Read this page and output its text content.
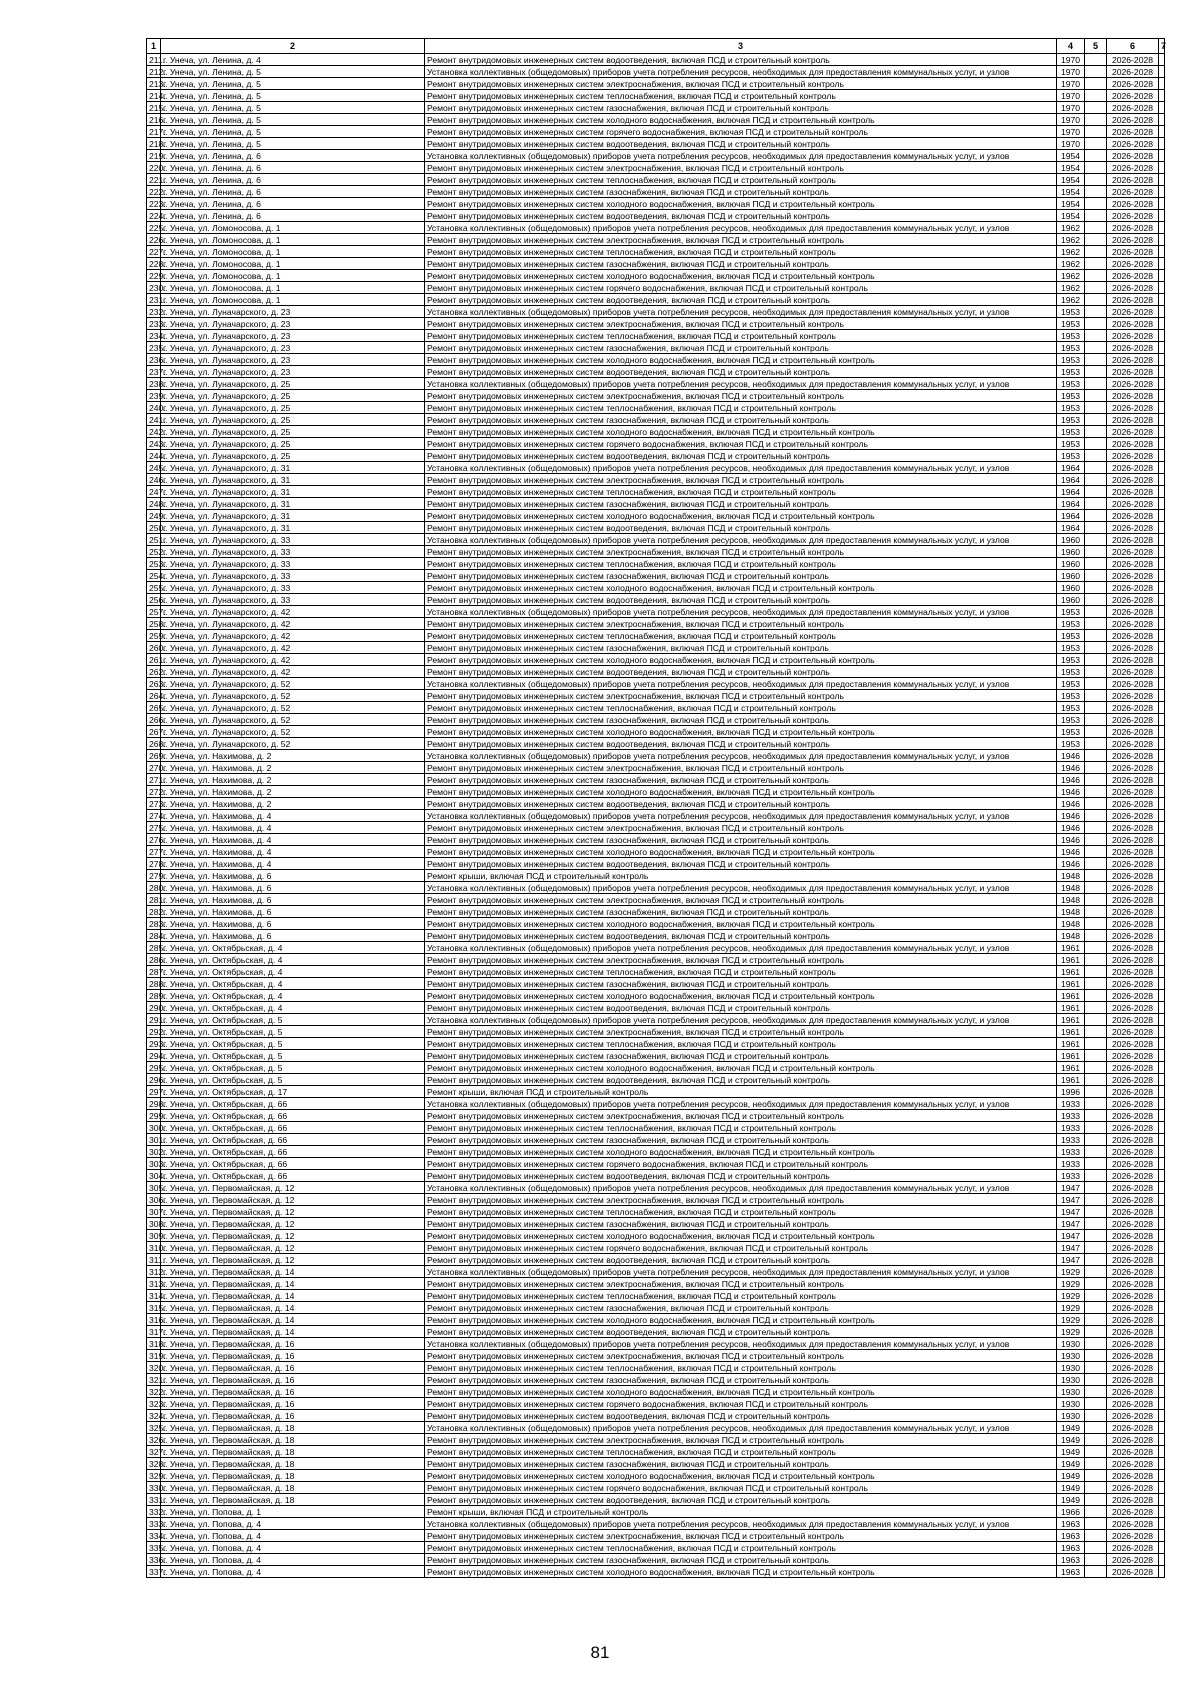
1	2	3	4	5	6	7
211.	г. Унеча, ул. Ленина, д. 4	Ремонт внутридомовых инженерных систем водоотведения, включая ПСД и строительный контроль	1970		2026-2028	
212.	г. Унеча, ул. Ленина, д. 5	Установка коллективных (общедомовых) приборов учета потребления ресурсов, необходимых для предоставления коммунальных услуг, и узлов	1970		2026-2028	
213.	г. Унеча, ул. Ленина, д. 5	Ремонт внутридомовых инженерных систем электроснабжения, включая ПСД и строительный контроль	1970		2026-2028	
214.	г. Унеча, ул. Ленина, д. 5	Ремонт внутридомовых инженерных систем теплоснабжения, включая ПСД и строительный контроль	1970		2026-2028	
215.	г. Унеча, ул. Ленина, д. 5	Ремонт внутридомовых инженерных систем газоснабжения, включая ПСД и строительный контроль	1970		2026-2028	
216.	г. Унеча, ул. Ленина, д. 5	Ремонт внутридомовых инженерных систем холодного водоснабжения, включая ПСД и строительный контроль	1970		2026-2028	
217.	г. Унеча, ул. Ленина, д. 5	Ремонт внутридомовых инженерных систем горячего водоснабжения, включая ПСД и строительный контроль	1970		2026-2028	
218.	г. Унеча, ул. Ленина, д. 5	Ремонт внутридомовых инженерных систем водоотведения, включая ПСД и строительный контроль	1970		2026-2028	
219.	г. Унеча, ул. Ленина, д. 6	Установка коллективных (общедомовых) приборов учета потребления ресурсов, необходимых для предоставления коммунальных услуг, и узлов	1954		2026-2028	
220.	г. Унеча, ул. Ленина, д. 6	Ремонт внутридомовых инженерных систем электроснабжения, включая ПСД и строительный контроль	1954		2026-2028	
221.	г. Унеча, ул. Ленина, д. 6	Ремонт внутридомовых инженерных систем теплоснабжения, включая ПСД и строительный контроль	1954		2026-2028	
222.	г. Унеча, ул. Ленина, д. 6	Ремонт внутридомовых инженерных систем газоснабжения, включая ПСД и строительный контроль	1954		2026-2028	
223.	г. Унеча, ул. Ленина, д. 6	Ремонт внутридомовых инженерных систем холодного водоснабжения, включая ПСД и строительный контроль	1954		2026-2028	
224.	г. Унеча, ул. Ленина, д. 6	Ремонт внутридомовых инженерных систем водоотведения, включая ПСД и строительный контроль	1954		2026-2028	
225.	г. Унеча, ул. Ломоносова, д. 1	Установка коллективных (общедомовых) приборов учета потребления ресурсов, необходимых для предоставления коммунальных услуг, и узлов	1962		2026-2028	
226.	г. Унеча, ул. Ломоносова, д. 1	Ремонт внутридомовых инженерных систем электроснабжения, включая ПСД и строительный контроль	1962		2026-2028	
227.	г. Унеча, ул. Ломоносова, д. 1	Ремонт внутридомовых инженерных систем теплоснабжения, включая ПСД и строительный контроль	1962		2026-2028	
228.	г. Унеча, ул. Ломоносова, д. 1	Ремонт внутридомовых инженерных систем газоснабжения, включая ПСД и строительный контроль	1962		2026-2028	
229.	г. Унеча, ул. Ломоносова, д. 1	Ремонт внутридомовых инженерных систем холодного водоснабжения, включая ПСД и строительный контроль	1962		2026-2028	
230.	г. Унеча, ул. Ломоносова, д. 1	Ремонт внутридомовых инженерных систем горячего водоснабжения, включая ПСД и строительный контроль	1962		2026-2028	
231.	г. Унеча, ул. Ломоносова, д. 1	Ремонт внутридомовых инженерных систем водоотведения, включая ПСД и строительный контроль	1962		2026-2028	
232.	г. Унеча, ул. Луначарского, д. 23	Установка коллективных (общедомовых) приборов учета потребления ресурсов, необходимых для предоставления коммунальных услуг, и узлов	1953		2026-2028	
233.	г. Унеча, ул. Луначарского, д. 23	Ремонт внутридомовых инженерных систем электроснабжения, включая ПСД и строительный контроль	1953		2026-2028	
234.	г. Унеча, ул. Луначарского, д. 23	Ремонт внутридомовых инженерных систем теплоснабжения, включая ПСД и строительный контроль	1953		2026-2028	
235.	г. Унеча, ул. Луначарского, д. 23	Ремонт внутридомовых инженерных систем газоснабжения, включая ПСД и строительный контроль	1953		2026-2028	
236.	г. Унеча, ул. Луначарского, д. 23	Ремонт внутридомовых инженерных систем холодного водоснабжения, включая ПСД и строительный контроль	1953		2026-2028	
237.	г. Унеча, ул. Луначарского, д. 23	Ремонт внутридомовых инженерных систем водоотведения, включая ПСД и строительный контроль	1953		2026-2028	
238.	г. Унеча, ул. Луначарского, д. 25	Установка коллективных (общедомовых) приборов учета потребления ресурсов, необходимых для предоставления коммунальных услуг, и узлов	1953		2026-2028	
239.	г. Унеча, ул. Луначарского, д. 25	Ремонт внутридомовых инженерных систем электроснабжения, включая ПСД и строительный контроль	1953		2026-2028	
240.	г. Унеча, ул. Луначарского, д. 25	Ремонт внутридомовых инженерных систем теплоснабжения, включая ПСД и строительный контроль	1953		2026-2028	
241.	г. Унеча, ул. Луначарского, д. 25	Ремонт внутридомовых инженерных систем газоснабжения, включая ПСД и строительный контроль	1953		2026-2028	
242.	г. Унеча, ул. Луначарского, д. 25	Ремонт внутридомовых инженерных систем холодного водоснабжения, включая ПСД и строительный контроль	1953		2026-2028	
243.	г. Унеча, ул. Луначарского, д. 25	Ремонт внутридомовых инженерных систем горячего водоснабжения, включая ПСД и строительный контроль	1953		2026-2028	
244.	г. Унеча, ул. Луначарского, д. 25	Ремонт внутридомовых инженерных систем водоотведения, включая ПСД и строительный контроль	1953		2026-2028	
245.	г. Унеча, ул. Луначарского, д. 31	Установка коллективных (общедомовых) приборов учета потребления ресурсов, необходимых для предоставления коммунальных услуг, и узлов	1964		2026-2028	
246.	г. Унеча, ул. Луначарского, д. 31	Ремонт внутридомовых инженерных систем электроснабжения, включая ПСД и строительный контроль	1964		2026-2028	
247.	г. Унеча, ул. Луначарского, д. 31	Ремонт внутридомовых инженерных систем теплоснабжения, включая ПСД и строительный контроль	1964		2026-2028	
248.	г. Унеча, ул. Луначарского, д. 31	Ремонт внутридомовых инженерных систем газоснабжения, включая ПСД и строительный контроль	1964		2026-2028	
249.	г. Унеча, ул. Луначарского, д. 31	Ремонт внутридомовых инженерных систем холодного водоснабжения, включая ПСД и строительный контроль	1964		2026-2028	
250.	г. Унеча, ул. Луначарского, д. 31	Ремонт внутридомовых инженерных систем водоотведения, включая ПСД и строительный контроль	1964		2026-2028	
251.	г. Унеча, ул. Луначарского, д. 33	Установка коллективных (общедомовых) приборов учета потребления ресурсов, необходимых для предоставления коммунальных услуг, и узлов	1960		2026-2028	
252.	г. Унеча, ул. Луначарского, д. 33	Ремонт внутридомовых инженерных систем электроснабжения, включая ПСД и строительный контроль	1960		2026-2028	
253.	г. Унеча, ул. Луначарского, д. 33	Ремонт внутридомовых инженерных систем теплоснабжения, включая ПСД и строительный контроль	1960		2026-2028	
254.	г. Унеча, ул. Луначарского, д. 33	Ремонт внутридомовых инженерных систем газоснабжения, включая ПСД и строительный контроль	1960		2026-2028	
255.	г. Унеча, ул. Луначарского, д. 33	Ремонт внутридомовых инженерных систем холодного водоснабжения, включая ПСД и строительный контроль	1960		2026-2028	
256.	г. Унеча, ул. Луначарского, д. 33	Ремонт внутридомовых инженерных систем водоотведения, включая ПСД и строительный контроль	1960		2026-2028	
257.	г. Унеча, ул. Луначарского, д. 42	Установка коллективных (общедомовых) приборов учета потребления ресурсов, необходимых для предоставления коммунальных услуг, и узлов	1953		2026-2028	
258.	г. Унеча, ул. Луначарского, д. 42	Ремонт внутридомовых инженерных систем электроснабжения, включая ПСД и строительный контроль	1953		2026-2028	
259.	г. Унеча, ул. Луначарского, д. 42	Ремонт внутридомовых инженерных систем теплоснабжения, включая ПСД и строительный контроль	1953		2026-2028	
260.	г. Унеча, ул. Луначарского, д. 42	Ремонт внутридомовых инженерных систем газоснабжения, включая ПСД и строительный контроль	1953		2026-2028	
261.	г. Унеча, ул. Луначарского, д. 42	Ремонт внутридомовых инженерных систем холодного водоснабжения, включая ПСД и строительный контроль	1953		2026-2028	
262.	г. Унеча, ул. Луначарского, д. 42	Ремонт внутридомовых инженерных систем водоотведения, включая ПСД и строительный контроль	1953		2026-2028	
263.	г. Унеча, ул. Луначарского, д. 52	Установка коллективных (общедомовых) приборов учета потребления ресурсов, необходимых для предоставления коммунальных услуг, и узлов	1953		2026-2028	
264.	г. Унеча, ул. Луначарского, д. 52	Ремонт внутридомовых инженерных систем электроснабжения, включая ПСД и строительный контроль	1953		2026-2028	
265.	г. Унеча, ул. Луначарского, д. 52	Ремонт внутридомовых инженерных систем теплоснабжения, включая ПСД и строительный контроль	1953		2026-2028	
266.	г. Унеча, ул. Луначарского, д. 52	Ремонт внутридомовых инженерных систем газоснабжения, включая ПСД и строительный контроль	1953		2026-2028	
267.	г. Унеча, ул. Луначарского, д. 52	Ремонт внутридомовых инженерных систем холодного водоснабжения, включая ПСД и строительный контроль	1953		2026-2028	
268.	г. Унеча, ул. Луначарского, д. 52	Ремонт внутридомовых инженерных систем водоотведения, включая ПСД и строительный контроль	1953		2026-2028	
269.	г. Унеча, ул. Нахимова, д. 2	Установка коллективных (общедомовых) приборов учета потребления ресурсов, необходимых для предоставления коммунальных услуг, и узлов	1946		2026-2028	
270.	г. Унеча, ул. Нахимова, д. 2	Ремонт внутридомовых инженерных систем электроснабжения, включая ПСД и строительный контроль	1946		2026-2028	
271.	г. Унеча, ул. Нахимова, д. 2	Ремонт внутридомовых инженерных систем газоснабжения, включая ПСД и строительный контроль	1946		2026-2028	
272.	г. Унеча, ул. Нахимова, д. 2	Ремонт внутридомовых инженерных систем холодного водоснабжения, включая ПСД и строительный контроль	1946		2026-2028	
273.	г. Унеча, ул. Нахимова, д. 2	Ремонт внутридомовых инженерных систем водоотведения, включая ПСД и строительный контроль	1946		2026-2028	
274.	г. Унеча, ул. Нахимова, д. 4	Установка коллективных (общедомовых) приборов учета потребления ресурсов, необходимых для предоставления коммунальных услуг, и узлов	1946		2026-2028	
275.	г. Унеча, ул. Нахимова, д. 4	Ремонт внутридомовых инженерных систем электроснабжения, включая ПСД и строительный контроль	1946		2026-2028	
276.	г. Унеча, ул. Нахимова, д. 4	Ремонт внутридомовых инженерных систем газоснабжения, включая ПСД и строительный контроль	1946		2026-2028	
277.	г. Унеча, ул. Нахимова, д. 4	Ремонт внутридомовых инженерных систем холодного водоснабжения, включая ПСД и строительный контроль	1946		2026-2028	
278.	г. Унеча, ул. Нахимова, д. 4	Ремонт внутридомовых инженерных систем водоотведения, включая ПСД и строительный контроль	1946		2026-2028	
279.	г. Унеча, ул. Нахимова, д. 6	Ремонт крыши, включая ПСД и строительный контроль	1948		2026-2028	
280.	г. Унеча, ул. Нахимова, д. 6	Установка коллективных (общедомовых) приборов учета потребления ресурсов, необходимых для предоставления коммунальных услуг, и узлов	1948		2026-2028	
281.	г. Унеча, ул. Нахимова, д. 6	Ремонт внутридомовых инженерных систем электроснабжения, включая ПСД и строительный контроль	1948		2026-2028	
282.	г. Унеча, ул. Нахимова, д. 6	Ремонт внутридомовых инженерных систем газоснабжения, включая ПСД и строительный контроль	1948		2026-2028	
283.	г. Унеча, ул. Нахимова, д. 6	Ремонт внутридомовых инженерных систем холодного водоснабжения, включая ПСД и строительный контроль	1948		2026-2028	
284.	г. Унеча, ул. Нахимова, д. 6	Ремонт внутридомовых инженерных систем водоотведения, включая ПСД и строительный контроль	1948		2026-2028	
285.	г. Унеча, ул. Октябрьская, д. 4	Установка коллективных (общедомовых) приборов учета потребления ресурсов, необходимых для предоставления коммунальных услуг, и узлов	1961		2026-2028	
286.	г. Унеча, ул. Октябрьская, д. 4	Ремонт внутридомовых инженерных систем электроснабжения, включая ПСД и строительный контроль	1961		2026-2028	
287.	г. Унеча, ул. Октябрьская, д. 4	Ремонт внутридомовых инженерных систем теплоснабжения, включая ПСД и строительный контроль	1961		2026-2028	
288.	г. Унеча, ул. Октябрьская, д. 4	Ремонт внутридомовых инженерных систем газоснабжения, включая ПСД и строительный контроль	1961		2026-2028	
289.	г. Унеча, ул. Октябрьская, д. 4	Ремонт внутридомовых инженерных систем холодного водоснабжения, включая ПСД и строительный контроль	1961		2026-2028	
290.	г. Унеча, ул. Октябрьская, д. 4	Ремонт внутридомовых инженерных систем водоотведения, включая ПСД и строительный контроль	1961		2026-2028	
291.	г. Унеча, ул. Октябрьская, д. 5	Установка коллективных (общедомовых) приборов учета потребления ресурсов, необходимых для предоставления коммунальных услуг, и узлов	1961		2026-2028	
292.	г. Унеча, ул. Октябрьская, д. 5	Ремонт внутридомовых инженерных систем электроснабжения, включая ПСД и строительный контроль	1961		2026-2028	
293.	г. Унеча, ул. Октябрьская, д. 5	Ремонт внутридомовых инженерных систем теплоснабжения, включая ПСД и строительный контроль	1961		2026-2028	
294.	г. Унеча, ул. Октябрьская, д. 5	Ремонт внутридомовых инженерных систем газоснабжения, включая ПСД и строительный контроль	1961		2026-2028	
295.	г. Унеча, ул. Октябрьская, д. 5	Ремонт внутридомовых инженерных систем холодного водоснабжения, включая ПСД и строительный контроль	1961		2026-2028	
296.	г. Унеча, ул. Октябрьская, д. 5	Ремонт внутридомовых инженерных систем водоотведения, включая ПСД и строительный контроль	1961		2026-2028	
297.	г. Унеча, ул. Октябрьская, д. 17	Ремонт крыши, включая ПСД и строительный контроль	1996		2026-2028	
298.	г. Унеча, ул. Октябрьская, д. 66	Установка коллективных (общедомовых) приборов учета потребления ресурсов, необходимых для предоставления коммунальных услуг, и узлов	1933		2026-2028	
299.	г. Унеча, ул. Октябрьская, д. 66	Ремонт внутридомовых инженерных систем электроснабжения, включая ПСД и строительный контроль	1933		2026-2028	
300.	г. Унеча, ул. Октябрьская, д. 66	Ремонт внутридомовых инженерных систем теплоснабжения, включая ПСД и строительный контроль	1933		2026-2028	
301.	г. Унеча, ул. Октябрьская, д. 66	Ремонт внутридомовых инженерных систем газоснабжения, включая ПСД и строительный контроль	1933		2026-2028	
302.	г. Унеча, ул. Октябрьская, д. 66	Ремонт внутридомовых инженерных систем холодного водоснабжения, включая ПСД и строительный контроль	1933		2026-2028	
303.	г. Унеча, ул. Октябрьская, д. 66	Ремонт внутридомовых инженерных систем горячего водоснабжения, включая ПСД и строительный контроль	1933		2026-2028	
304.	г. Унеча, ул. Октябрьская, д. 66	Ремонт внутридомовых инженерных систем водоотведения, включая ПСД и строительный контроль	1933		2026-2028	
305.	г. Унеча, ул. Первомайская, д. 12	Установка коллективных (общедомовых) приборов учета потребления ресурсов, необходимых для предоставления коммунальных услуг, и узлов	1947		2026-2028	
306.	г. Унеча, ул. Первомайская, д. 12	Ремонт внутридомовых инженерных систем электроснабжения, включая ПСД и строительный контроль	1947		2026-2028	
307.	г. Унеча, ул. Первомайская, д. 12	Ремонт внутридомовых инженерных систем теплоснабжения, включая ПСД и строительный контроль	1947		2026-2028	
308.	г. Унеча, ул. Первомайская, д. 12	Ремонт внутридомовых инженерных систем газоснабжения, включая ПСД и строительный контроль	1947		2026-2028	
309.	г. Унеча, ул. Первомайская, д. 12	Ремонт внутридомовых инженерных систем холодного водоснабжения, включая ПСД и строительный контроль	1947		2026-2028	
310.	г. Унеча, ул. Первомайская, д. 12	Ремонт внутридомовых инженерных систем горячего водоснабжения, включая ПСД и строительный контроль	1947		2026-2028	
311.	г. Унеча, ул. Первомайская, д. 12	Ремонт внутридомовых инженерных систем водоотведения, включая ПСД и строительный контроль	1947		2026-2028	
312.	г. Унеча, ул. Первомайская, д. 14	Установка коллективных (общедомовых) приборов учета потребления ресурсов, необходимых для предоставления коммунальных услуг, и узлов	1929		2026-2028	
313.	г. Унеча, ул. Первомайская, д. 14	Ремонт внутридомовых инженерных систем электроснабжения, включая ПСД и строительный контроль	1929		2026-2028	
314.	г. Унеча, ул. Первомайская, д. 14	Ремонт внутридомовых инженерных систем теплоснабжения, включая ПСД и строительный контроль	1929		2026-2028	
315.	г. Унеча, ул. Первомайская, д. 14	Ремонт внутридомовых инженерных систем газоснабжения, включая ПСД и строительный контроль	1929		2026-2028	
316.	г. Унеча, ул. Первомайская, д. 14	Ремонт внутридомовых инженерных систем холодного водоснабжения, включая ПСД и строительный контроль	1929		2026-2028	
317.	г. Унеча, ул. Первомайская, д. 14	Ремонт внутридомовых инженерных систем водоотведения, включая ПСД и строительный контроль	1929		2026-2028	
318.	г. Унеча, ул. Первомайская, д. 16	Установка коллективных (общедомовых) приборов учета потребления ресурсов, необходимых для предоставления коммунальных услуг, и узлов	1930		2026-2028	
319.	г. Унеча, ул. Первомайская, д. 16	Ремонт внутридомовых инженерных систем электроснабжения, включая ПСД и строительный контроль	1930		2026-2028	
320.	г. Унеча, ул. Первомайская, д. 16	Ремонт внутридомовых инженерных систем теплоснабжения, включая ПСД и строительный контроль	1930		2026-2028	
321.	г. Унеча, ул. Первомайская, д. 16	Ремонт внутридомовых инженерных систем газоснабжения, включая ПСД и строительный контроль	1930		2026-2028	
322.	г. Унеча, ул. Первомайская, д. 16	Ремонт внутридомовых инженерных систем холодного водоснабжения, включая ПСД и строительный контроль	1930		2026-2028	
323.	г. Унеча, ул. Первомайская, д. 16	Ремонт внутридомовых инженерных систем горячего водоснабжения, включая ПСД и строительный контроль	1930		2026-2028	
324.	г. Унеча, ул. Первомайская, д. 16	Ремонт внутридомовых инженерных систем водоотведения, включая ПСД и строительный контроль	1930		2026-2028	
325.	г. Унеча, ул. Первомайская, д. 18	Установка коллективных (общедомовых) приборов учета потребления ресурсов, необходимых для предоставления коммунальных услуг, и узлов	1949		2026-2028	
326.	г. Унеча, ул. Первомайская, д. 18	Ремонт внутридомовых инженерных систем электроснабжения, включая ПСД и строительный контроль	1949		2026-2028	
327.	г. Унеча, ул. Первомайская, д. 18	Ремонт внутридомовых инженерных систем теплоснабжения, включая ПСД и строительный контроль	1949		2026-2028	
328.	г. Унеча, ул. Первомайская, д. 18	Ремонт внутридомовых инженерных систем газоснабжения, включая ПСД и строительный контроль	1949		2026-2028	
329.	г. Унеча, ул. Первомайская, д. 18	Ремонт внутридомовых инженерных систем холодного водоснабжения, включая ПСД и строительный контроль	1949		2026-2028	
330.	г. Унеча, ул. Первомайская, д. 18	Ремонт внутридомовых инженерных систем горячего водоснабжения, включая ПСД и строительный контроль	1949		2026-2028	
331.	г. Унеча, ул. Первомайская, д. 18	Ремонт внутридомовых инженерных систем водоотведения, включая ПСД и строительный контроль	1949		2026-2028	
332.	г. Унеча, ул. Попова, д. 1	Ремонт крыши, включая ПСД и строительный контроль	1966		2026-2028	
333.	г. Унеча, ул. Попова, д. 4	Установка коллективных (общедомовых) приборов учета потребления ресурсов, необходимых для предоставления коммунальных услуг, и узлов	1963		2026-2028	
334.	г. Унеча, ул. Попова, д. 4	Ремонт внутридомовых инженерных систем электроснабжения, включая ПСД и строительный контроль	1963		2026-2028	
335.	г. Унеча, ул. Попова, д. 4	Ремонт внутридомовых инженерных систем теплоснабжения, включая ПСД и строительный контроль	1963		2026-2028	
336.	г. Унеча, ул. Попова, д. 4	Ремонт внутридомовых инженерных систем газоснабжения, включая ПСД и строительный контроль	1963		2026-2028	
337.	г. Унеча, ул. Попова, д. 4	Ремонт внутридомовых инженерных систем холодного водоснабжения, включая ПСД и строительный контроль	1963		2026-2028	
81
